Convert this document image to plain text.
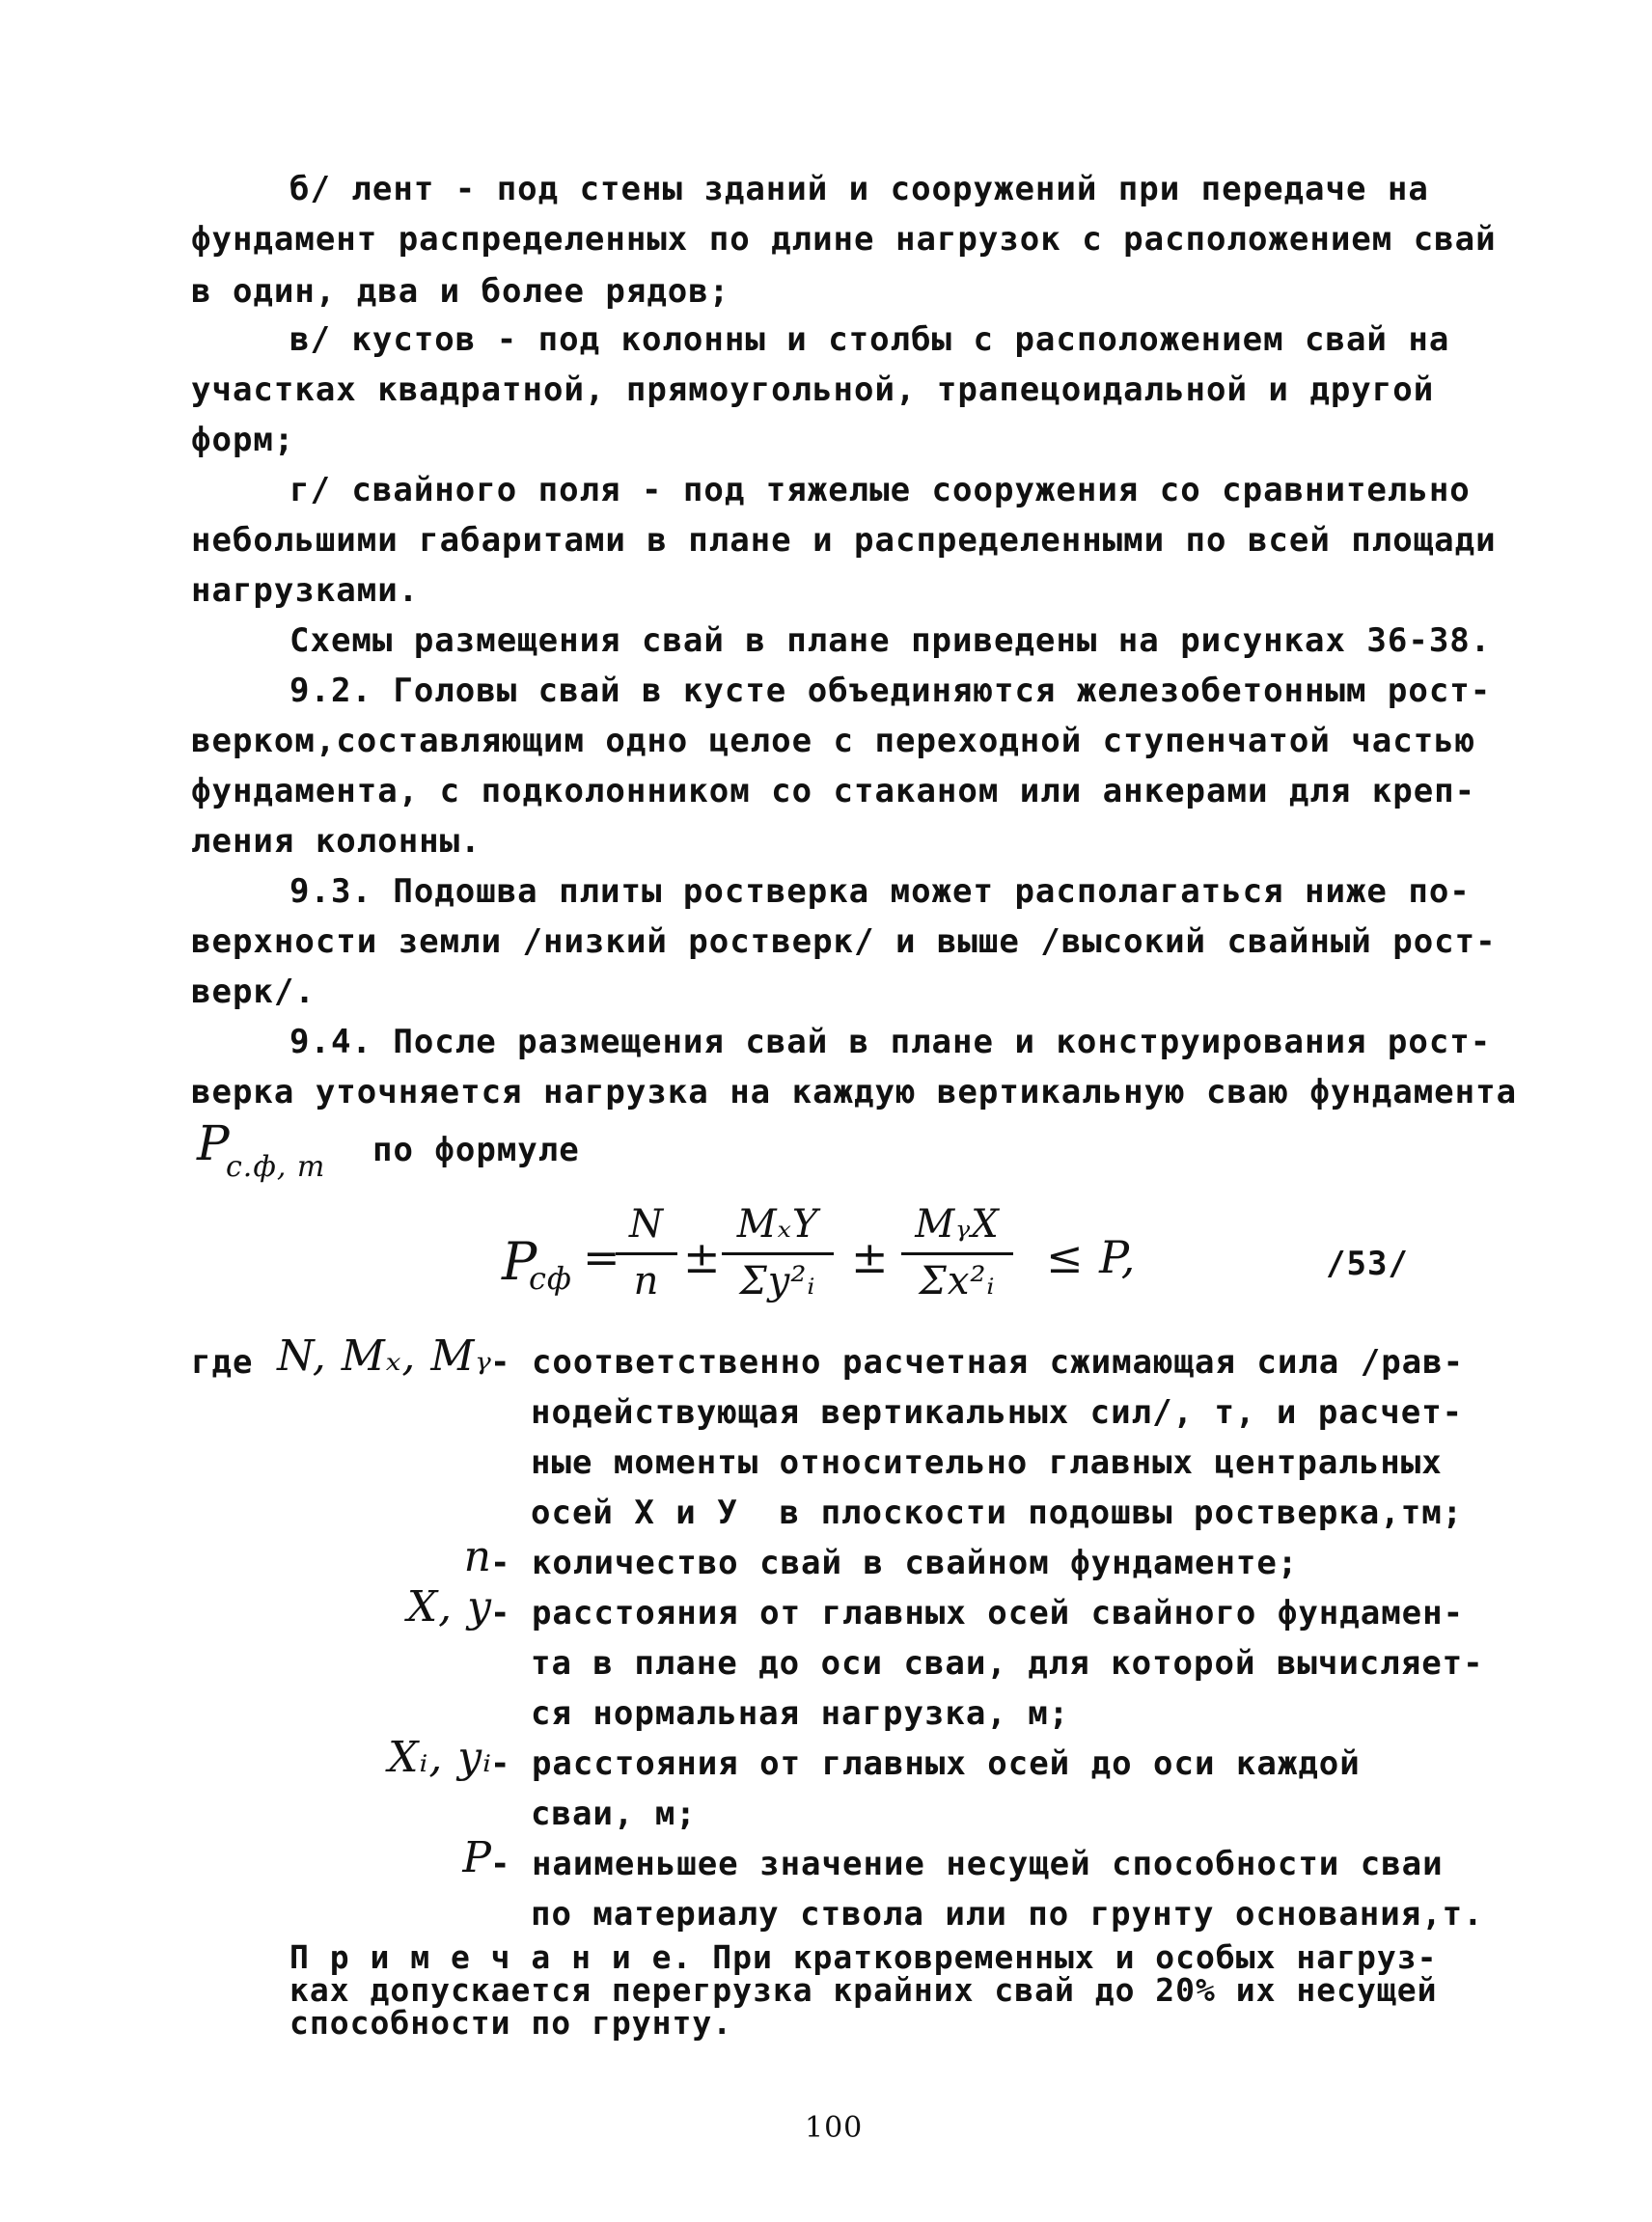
б/ лент - под стены зданий и сооружений при передаче на
фундамент распределенных по длине нагрузок с расположением свай
в один, два и более рядов;
в/ кустов - под колонны и столбы с расположением свай на
участках квадратной, прямоугольной, трапецоидальной и другой
форм;
г/ свайного поля - под тяжелые сооружения со сравнительно
небольшими габаритами в плане и распределенными по всей площади
нагрузками.
Схемы размещения свай в плане приведены на рисунках 36-38.
9.2. Головы свай в кусте объединяются железобетонным рост-
верком,составляющим одно целое с переходной ступенчатой частью
фундамента, с подколонником со стаканом или анкерами для креп-
ления колонны.
9.3. Подошва плиты ростверка может располагаться ниже по-
верхности земли /низкий ростверк/ и выше /высокий свайный рост-
верк/.
9.4. После размещения свай в плане и конструирования рост-
верка уточняется нагрузка на каждую вертикальную сваю фундамента
P
с.ф, т по формуле
P
сф =
$\frac{N}{n}$ ±
MₓY
Σy²ᵢ ±
MᵧX
Σx²ᵢ	≤ P,	/53/
где N, Mₓ, Mᵧ
- соответственно расчетная сжимающая сила /рав-
нодействующая вертикальных сил/, т, и расчет-
ные моменты относительно главных центральных
осей X и У  в плоскости подошвы ростверка,тм;
n
- количество свай в свайном фундаменте;
X, y
- расстояния от главных осей свайного фундамен-
та в плане до оси сваи, для которой вычисляет-
ся нормальная нагрузка, м;
Xᵢ, yᵢ
- расстояния от главных осей до оси каждой
сваи, м;
P
- наименьшее значение несущей способности сваи
по материалу ствола или по грунту основания,т.
П р и м е ч а н и е. При кратковременных и особых нагруз-
ках допускается перегрузка крайних свай до 20% их несущей
способности по грунту.
100
